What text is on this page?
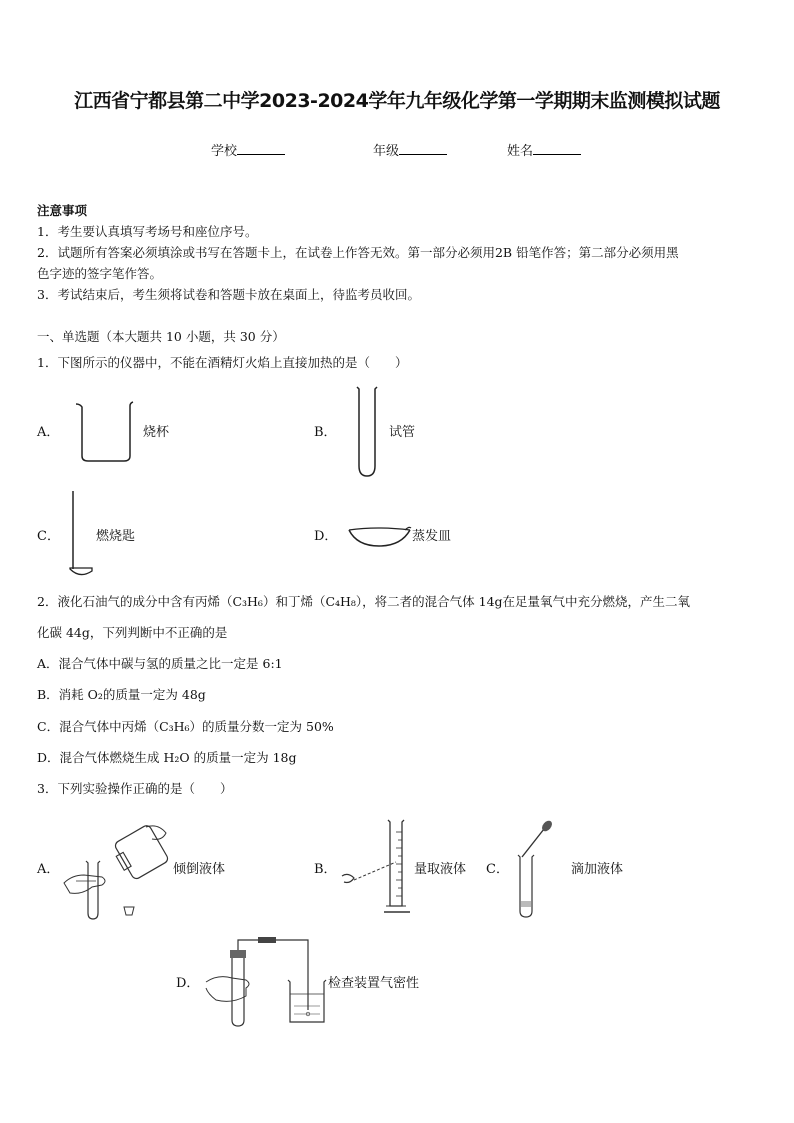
江西省宁都县第二中学2023-2024学年九年级化学第一学期期末监测模拟试题
学校	年级	姓名
注意事项
1．考生要认真填写考场号和座位序号。
2．试题所有答案必须填涂或书写在答题卡上，在试卷上作答无效。第一部分必须用2B 铅笔作答；第二部分必须用黑
色字迹的签字笔作答。
3．考试结束后，考生须将试卷和答题卡放在桌面上，待监考员收回。
一、单选题（本大题共 10 小题，共 30 分）
1．下图所示的仪器中，不能在酒精灯火焰上直接加热的是（　　）
A．	烧杯	B．	试管
C．	燃烧匙	D．	蒸发皿
2．液化石油气的成分中含有丙烯（C₃H₆）和丁烯（C₄H₈），将二者的混合气体 14g在足量氧气中充分燃烧，产生二氧
化碳 44g，下列判断中不正确的是
A．混合气体中碳与氢的质量之比一定是 6:1
B．消耗 O₂的质量一定为 48g
C．混合气体中丙烯（C₃H₆）的质量分数一定为 50%
D．混合气体燃烧生成 H₂O 的质量一定为 18g
3．下列实验操作正确的是（　　）
A．	倾倒液体	B．	量取液体 C．	滴加液体
D．	检查装置气密性
